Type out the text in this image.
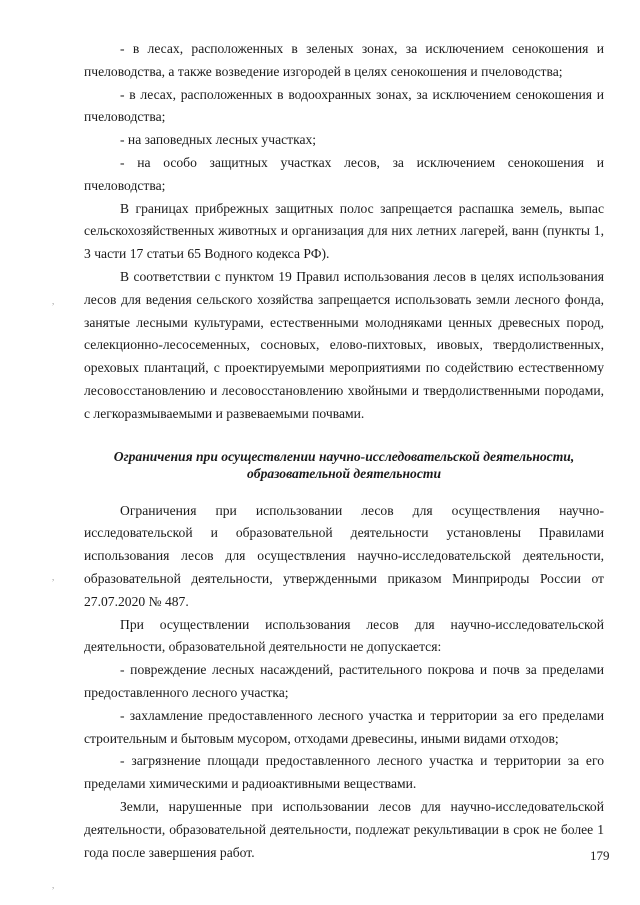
- в лесах, расположенных в зеленых зонах, за исключением сенокошения и пчеловодства, а также возведение изгородей в целях сенокошения и пчеловодства;

- в лесах, расположенных в водоохранных зонах, за исключением сенокошения и пчеловодства;

- на заповедных лесных участках;

- на особо защитных участках лесов, за исключением сенокошения и пчеловодства;

В границах прибрежных защитных полос запрещается распашка земель, выпас сельскохозяйственных животных и организация для них летних лагерей, ванн (пункты 1, 3 части 17 статьи 65 Водного кодекса РФ).

В соответствии с пунктом 19 Правил использования лесов в целях использования лесов для ведения сельского хозяйства запрещается использовать земли лесного фонда, занятые лесными культурами, естественными молодняками ценных древесных пород, селекционно-лесосеменных, сосновых, елово-пихтовых, ивовых, твердолиственных, ореховых плантаций, с проектируемыми мероприятиями по содействию естественному лесовосстановлению и лесовосстановлению хвойными и твердолиственными породами, с легкоразмываемыми и развеваемыми почвами.

Ограничения при осуществлении научно-исследовательской деятельности,
образовательной деятельности

Ограничения при использовании лесов для осуществления научно-исследовательской и образовательной деятельности установлены Правилами использования лесов для осуществления научно-исследовательской деятельности, образовательной деятельности, утвержденными приказом Минприроды России от 27.07.2020 № 487.

При осуществлении использования лесов для научно-исследовательской деятельности, образовательной деятельности не допускается:

- повреждение лесных насаждений, растительного покрова и почв за пределами предоставленного лесного участка;

- захламление предоставленного лесного участка и территории за его пределами строительным и бытовым мусором, отходами древесины, иными видами отходов;

- загрязнение площади предоставленного лесного участка и территории за его пределами химическими и радиоактивными веществами.

Земли, нарушенные при использовании лесов для научно-исследовательской деятельности, образовательной деятельности, подлежат рекультивации в срок не более 1 года после завершения работ.

,
,
,
179
